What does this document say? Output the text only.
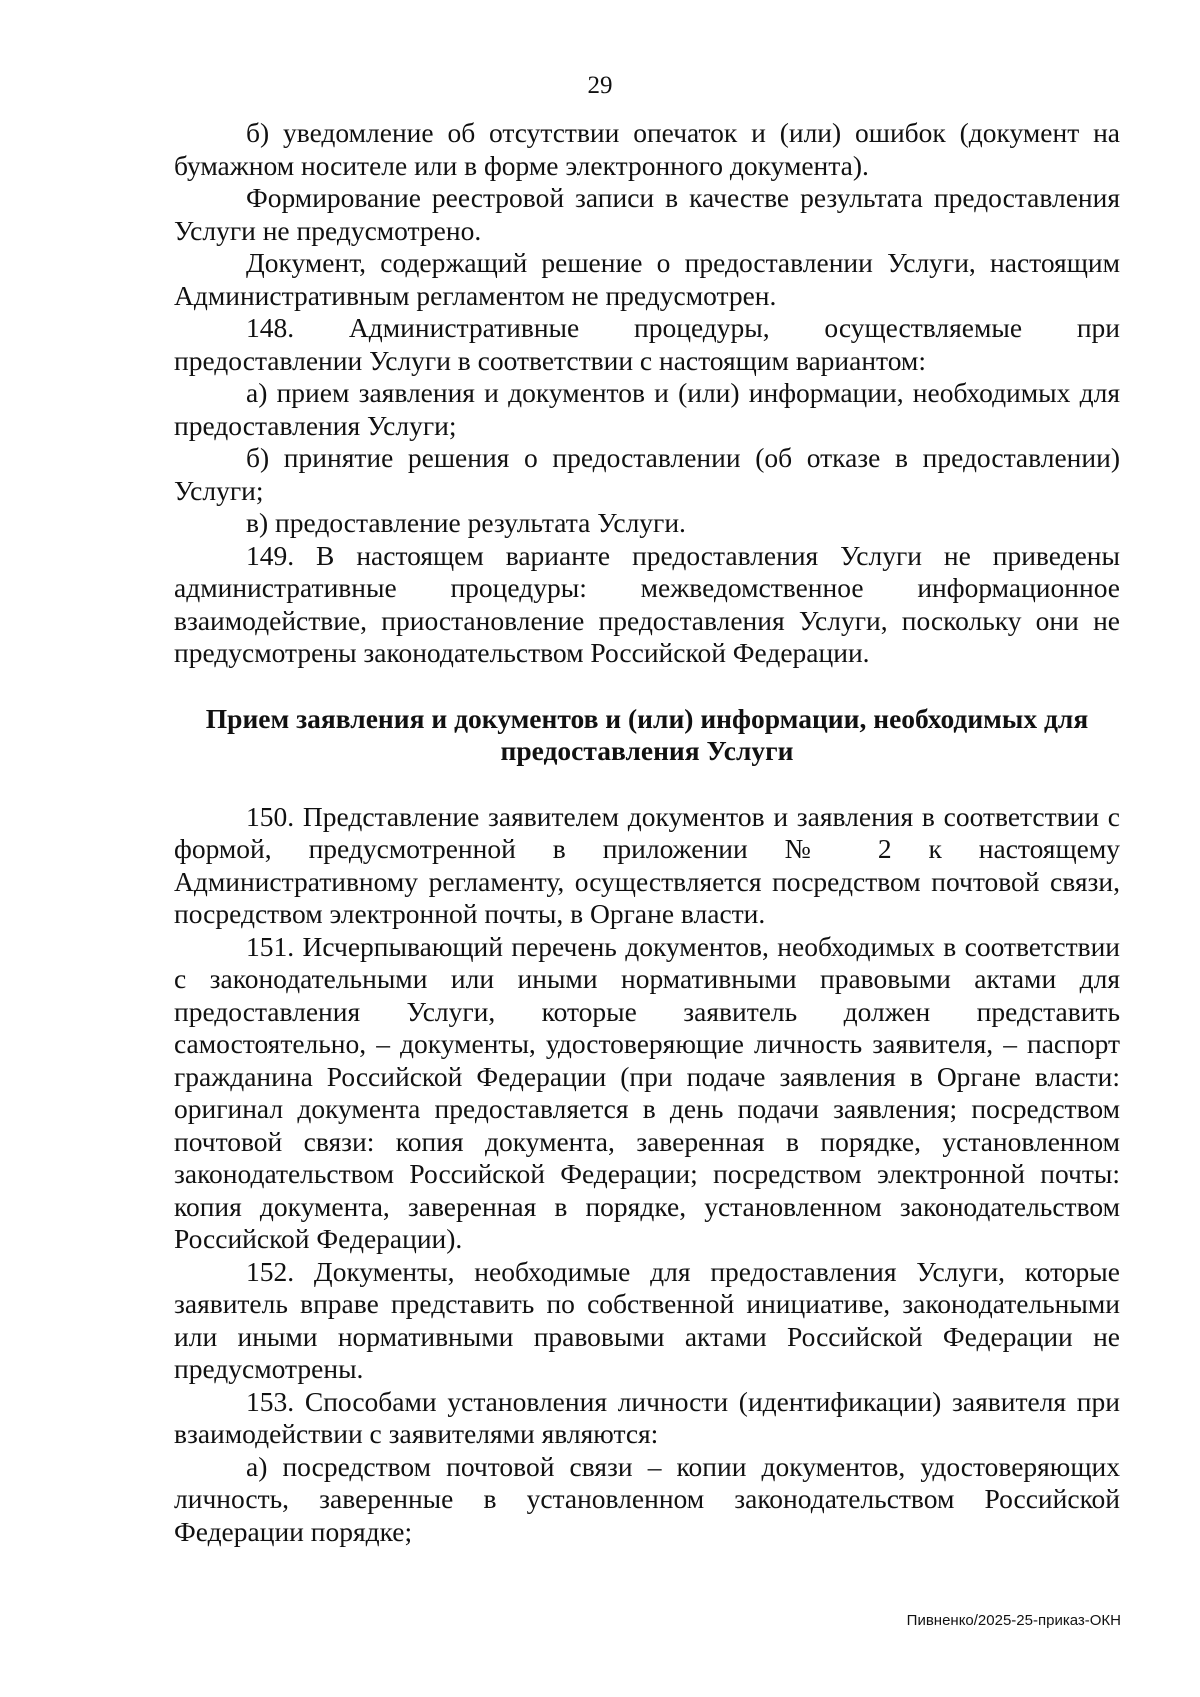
29

б) уведомление об отсутствии опечаток и (или) ошибок (документ на бумажном носителе или в форме электронного документа).

Формирование реестровой записи в качестве результата предоставления Услуги не предусмотрено.

Документ, содержащий решение о предоставлении Услуги, настоящим Административным регламентом не предусмотрен.

148. Административные процедуры, осуществляемые при предоставлении Услуги в соответствии с настоящим вариантом:

а) прием заявления и документов и (или) информации, необходимых для предоставления Услуги;

б) принятие решения о предоставлении (об отказе в предоставлении) Услуги;

в) предоставление результата Услуги.

149. В настоящем варианте предоставления Услуги не приведены административные процедуры: межведомственное информационное взаимодействие, приостановление предоставления Услуги, поскольку они не предусмотрены законодательством Российской Федерации.

Прием заявления и документов и (или) информации, необходимых для предоставления Услуги

150. Представление заявителем документов и заявления в соответствии с формой, предусмотренной в приложении № 2 к настоящему Административному регламенту, осуществляется посредством почтовой связи, посредством электронной почты, в Органе власти.

151. Исчерпывающий перечень документов, необходимых в соответствии с законодательными или иными нормативными правовыми актами для предоставления Услуги, которые заявитель должен представить самостоятельно, – документы, удостоверяющие личность заявителя, – паспорт гражданина Российской Федерации (при подаче заявления в Органе власти: оригинал документа предоставляется в день подачи заявления; посредством почтовой связи: копия документа, заверенная в порядке, установленном законодательством Российской Федерации; посредством электронной почты: копия документа, заверенная в порядке, установленном законодательством Российской Федерации).

152. Документы, необходимые для предоставления Услуги, которые заявитель вправе представить по собственной инициативе, законодательными или иными нормативными правовыми актами Российской Федерации не предусмотрены.

153. Способами установления личности (идентификации) заявителя при взаимодействии с заявителями являются:

а) посредством почтовой связи – копии документов, удостоверяющих личность, заверенные в установленном законодательством Российской Федерации порядке;

Пивненко/2025-25-приказ-ОКН
